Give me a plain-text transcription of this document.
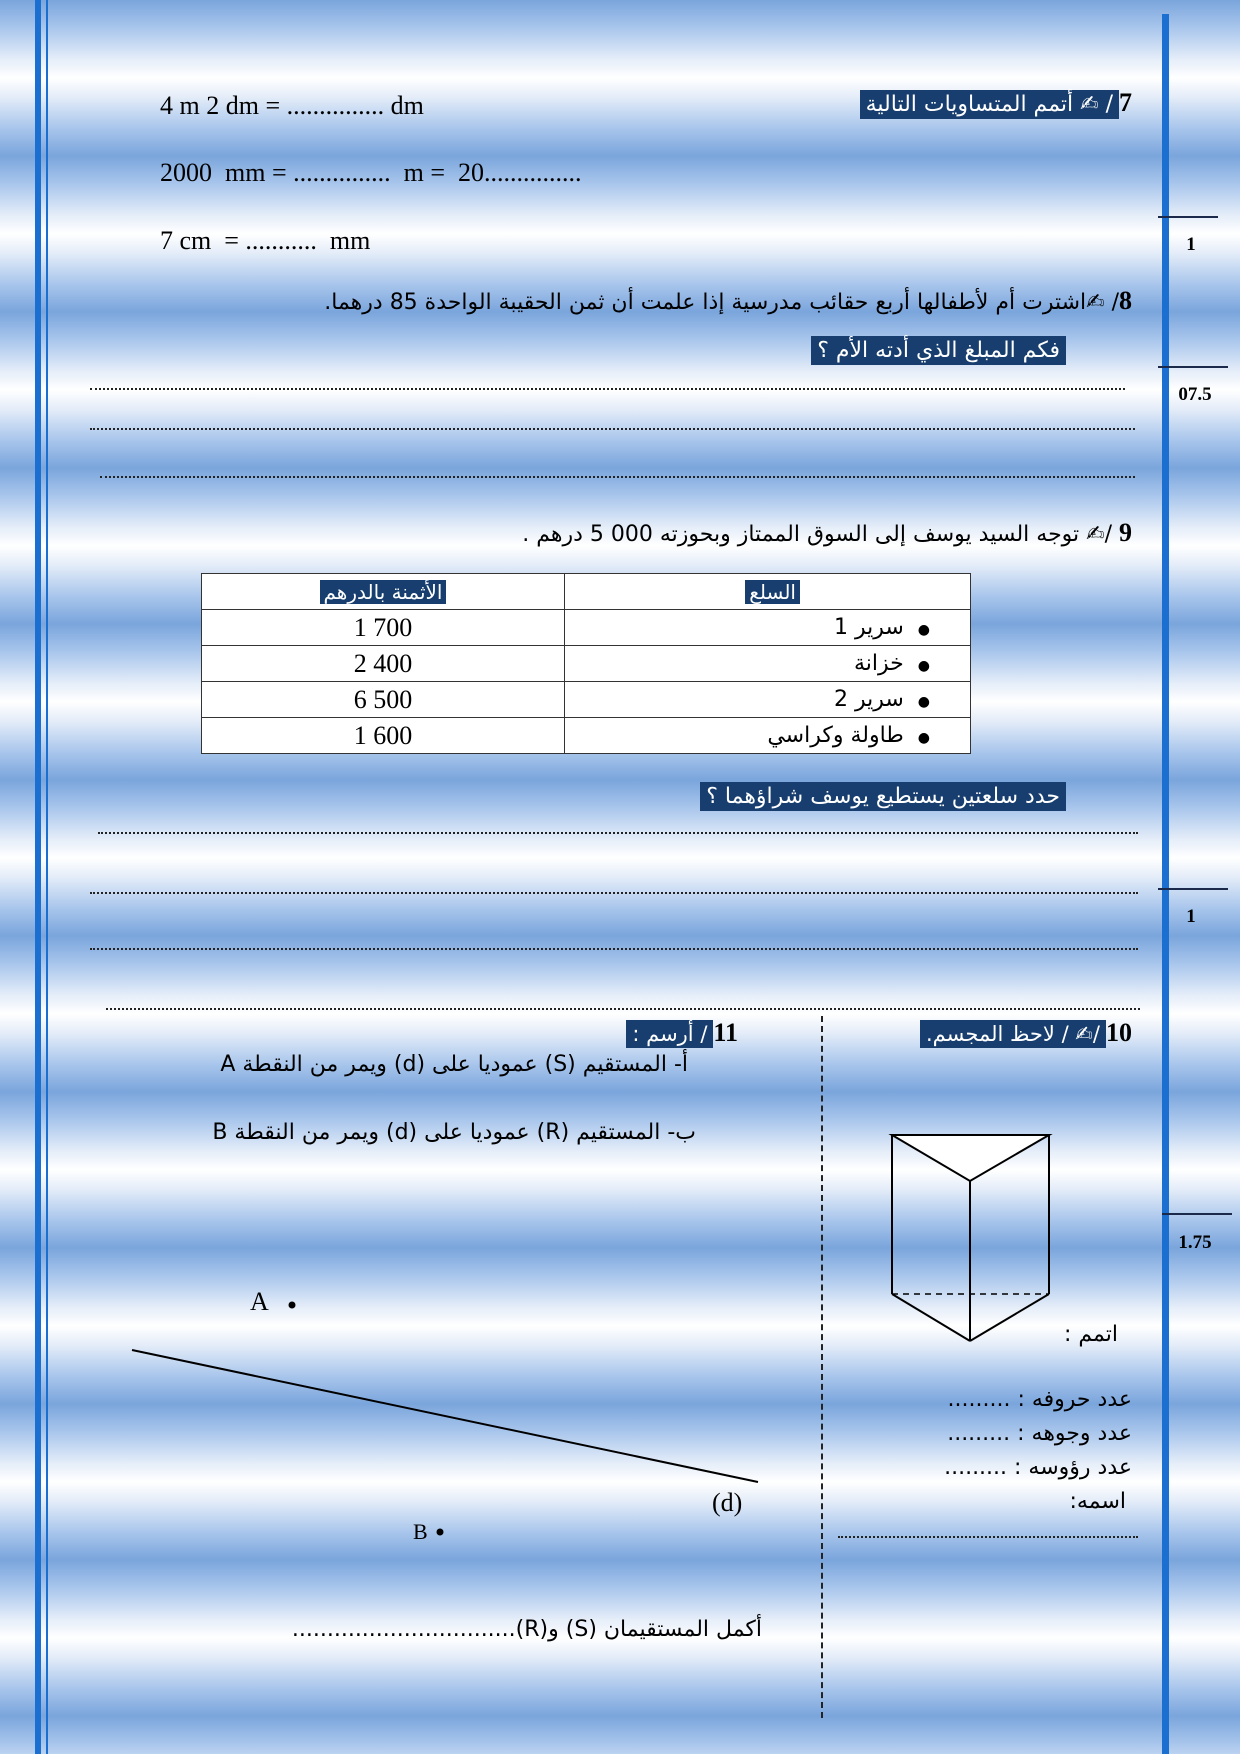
1
07.5
1
1.75
7/ ✍ أتمم المتساويات التالية
4 m 2 dm = ............... dm
2000  mm = ...............  m =  20...............
7 cm  = ...........  mm
8/ ✍اشترت أم لأطفالها أربع حقائب مدرسية إذا علمت أن ثمن الحقيبة الواحدة 85 درهما.
فكم المبلغ الذي أدته الأم ؟
9 /✍ توجه السيد يوسف إلى السوق الممتاز وبحوزته 000 5 درهم .
الأثمنة بالدرهم	السلع
1 700	●سرير 1
2 400	●خزانة
6 500	●سرير 2
1 600	●طاولة وكراسي
حدد سلعتين يستطيع يوسف شراؤهما ؟
10/✍ / لاحظ المجسم.
اتمم :
عدد حروفه : .........
عدد وجوهه : .........
عدد رؤوسه : .........
اسمه:
11/ أرسم :
أ- المستقيم (S) عموديا على (d) ويمر من النقطة A
ب- المستقيم (R) عموديا على (d) ويمر من النقطة B
A
B
(d)
أكمل المستقيمان (S) و(R)................................
